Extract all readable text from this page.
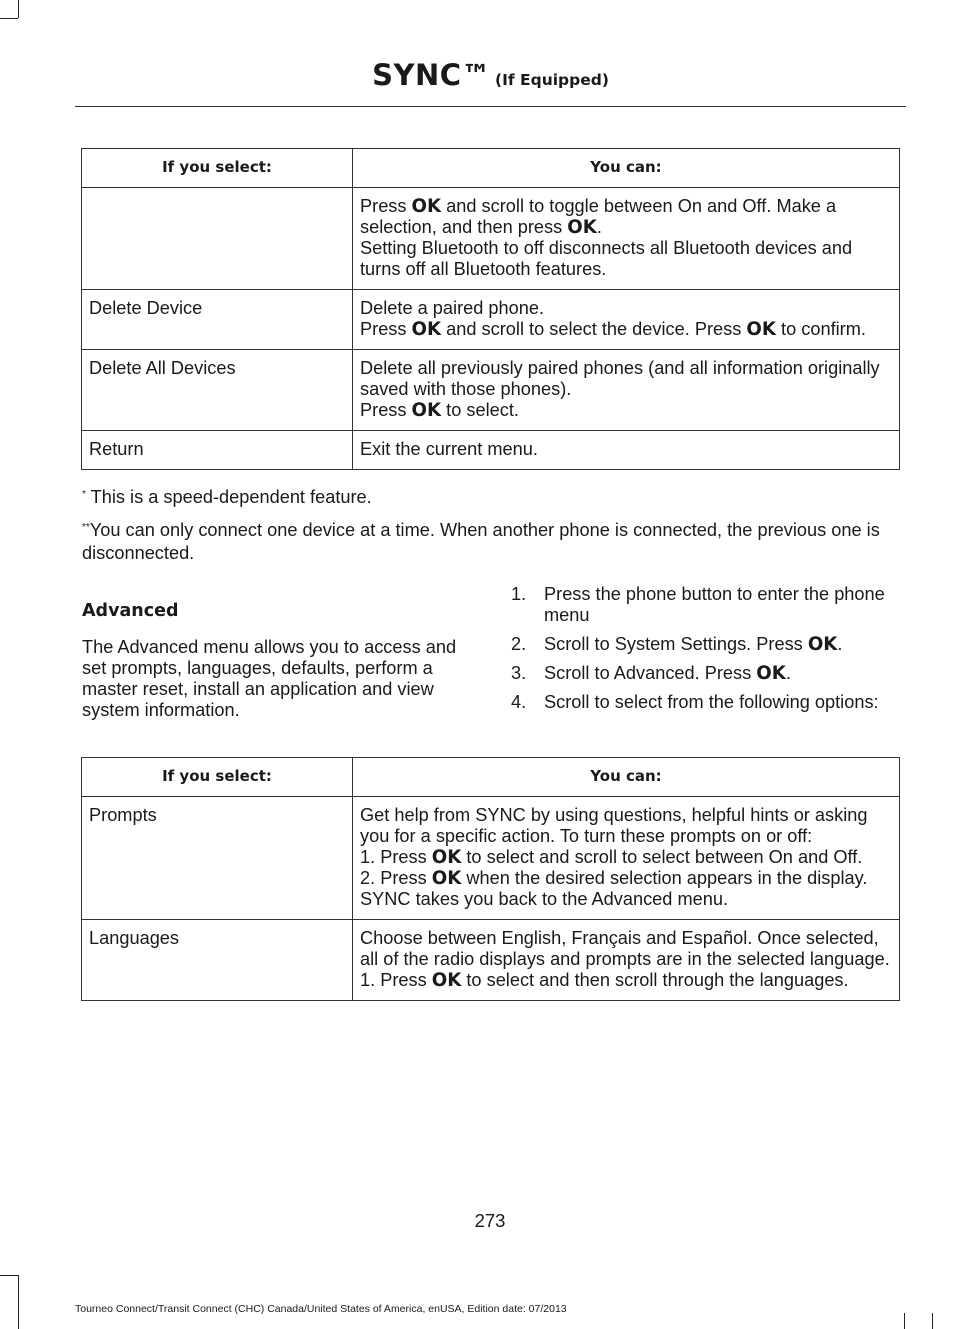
SYNC™ (If Equipped)
If you select:	You can:

	Press OK and scroll to toggle between On and Off. Make a selection, and then press OK.
Setting Bluetooth to off disconnects all Bluetooth devices and turns off all Bluetooth features.

Delete Device	Delete a paired phone.
Press OK and scroll to select the device. Press OK to confirm.

Delete All Devices	Delete all previously paired phones (and all information originally saved with those phones).
Press OK to select.

Return	Exit the current menu.
* This is a speed-dependent feature.
**You can only connect one device at a time. When another phone is connected, the previous one is disconnected.
Advanced
The Advanced menu allows you to access and set prompts, languages, defaults, perform a master reset, install an application and view system information.
1. Press the phone button to enter the phone menu
2. Scroll to System Settings. Press OK.
3. Scroll to Advanced. Press OK.
4. Scroll to select from the following options:
If you select:	You can:
Prompts	Get help from SYNC by using questions, helpful hints or asking you for a specific action. To turn these prompts on or off:
1. Press OK to select and scroll to select between On and Off.
2. Press OK when the desired selection appears in the display. SYNC takes you back to the Advanced menu.

Languages	Choose between English, Français and Español. Once selected, all of the radio displays and prompts are in the selected language.
1. Press OK to select and then scroll through the languages.
273
Tourneo Connect/Transit Connect (CHC) Canada/United States of America, enUSA, Edition date: 07/2013
